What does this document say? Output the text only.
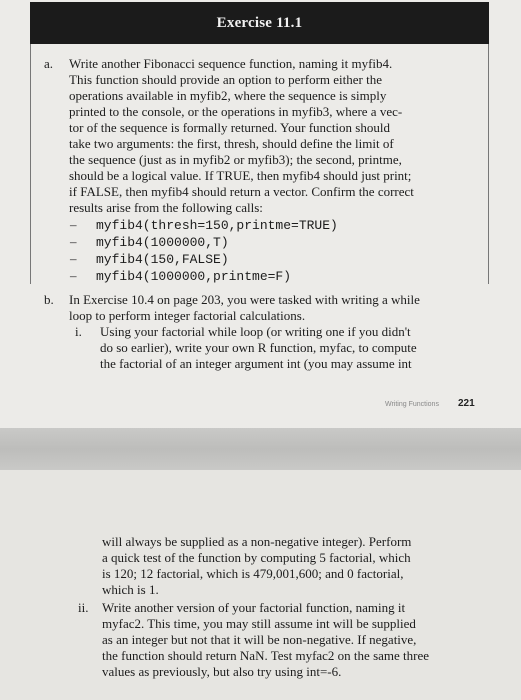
Exercise 11.1
a. Write another Fibonacci sequence function, naming it myfib4.
This function should provide an option to perform either the
operations available in myfib2, where the sequence is simply
printed to the console, or the operations in myfib3, where a vec-
tor of the sequence is formally returned. Your function should
take two arguments: the first, thresh, should define the limit of
the sequence (just as in myfib2 or myfib3); the second, printme,
should be a logical value. If TRUE, then myfib4 should just print;
if FALSE, then myfib4 should return a vector. Confirm the correct
results arise from the following calls:
– myfib4(thresh=150,printme=TRUE)
– myfib4(1000000,T)
– myfib4(150,FALSE)
– myfib4(1000000,printme=F)
b. In Exercise 10.4 on page 203, you were tasked with writing a while
loop to perform integer factorial calculations.
i. Using your factorial while loop (or writing one if you didn't
do so earlier), write your own R function, myfac, to compute
the factorial of an integer argument int (you may assume int
Writing Functions 221
will always be supplied as a non-negative integer). Perform
a quick test of the function by computing 5 factorial, which
is 120; 12 factorial, which is 479,001,600; and 0 factorial,
which is 1.
ii. Write another version of your factorial function, naming it
myfac2. This time, you may still assume int will be supplied
as an integer but not that it will be non-negative. If negative,
the function should return NaN. Test myfac2 on the same three
values as previously, but also try using int=-6.
